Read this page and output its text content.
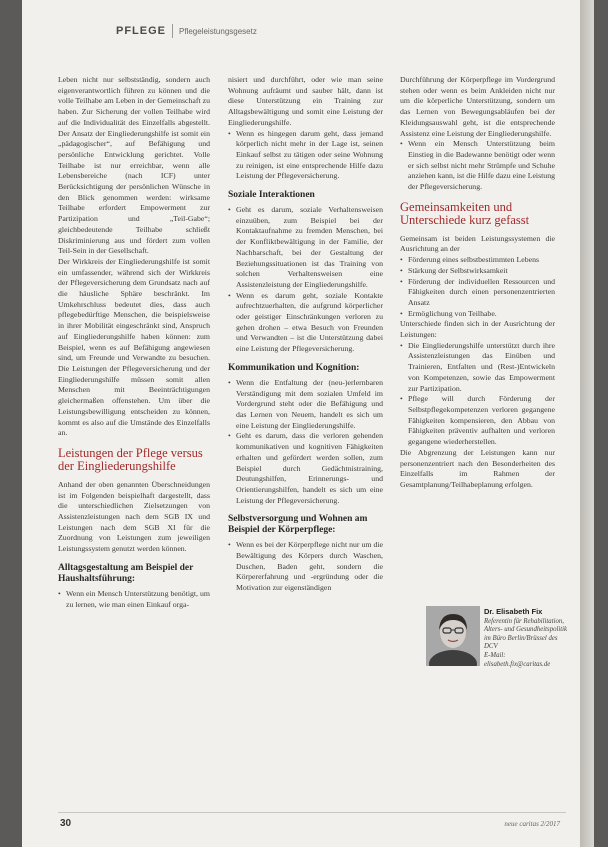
PFLEGE Pflegeleistungsgesetz

Leben nicht nur selbstständig, sondern auch eigenverantwortlich führen zu können und die volle Teilhabe am Leben in der Gemeinschaft zu haben. Zur Sicherung der vollen Teilhabe wird auf die Individualität des Einzelfalls abgestellt. Der Ansatz der Eingliederungshilfe ist somit ein „pädagogischer“, auf Befähigung und persönliche Entwicklung gerichtet. Volle Teilhabe ist nur erreichbar, wenn alle Lebensbereiche (nach ICF) unter Berücksichtigung der persönlichen Wünsche in den Blick genommen werden: wirksame Teilhabe erfordert Empowerment zur Partizipation und „Teil-Gabe“; gleichbedeutende Teilhabe schließt Diskriminierung aus und fördert zum vollen Teil-Sein in der Gesellschaft.

Der Wirkkreis der Eingliederungshilfe ist somit ein umfassender, während sich der Wirkkreis der Pflegeversicherung dem Grundsatz nach auf die häusliche Sphäre beschränkt. Im Umkehrschluss bedeutet dies, dass auch pflegebedürftige Menschen, die beispielsweise in ihrer Mobilität eingeschränkt sind, Anspruch auf Eingliederungshilfe haben können: zum Beispiel, wenn es auf Befähigung angewiesen sind, um Freunde und Verwandte zu besuchen. Die Leistungen der Pflegeversicherung und der Eingliederungshilfe müssen somit allen Menschen mit Beeinträchtigungen gleichermaßen offenstehen. Um über die Leistungsbewilligung entscheiden zu können, kommt es also auf die Umstände des Einzelfalls an.

Leistungen der Pflege versus der Eingliederungshilfe

Anhand der oben genannten Überschneidungen ist im Folgenden beispielhaft dargestellt, dass die unterschiedlichen Zielsetzungen von Assistenzleistungen nach dem SGB IX und Leistungen nach dem SGB XI für die Zuordnung von Leistungen zum jeweiligen Leistungssystem genutzt werden können.

Alltagsgestaltung am Beispiel der Haushaltsführung:
• Wenn ein Mensch Unterstützung benötigt, um zu lernen, wie man einen Einkauf orga-

nisiert und durchführt, oder wie man seine Wohnung aufräumt und sauber hält, dann ist diese Unterstützung ein Training zur Alltagsbewältigung und somit eine Leistung der Eingliederungshilfe.

• Wenn es hingegen darum geht, dass jemand körperlich nicht mehr in der Lage ist, seinen Einkauf selbst zu tätigen oder seine Wohnung zu reinigen, ist eine entsprechende Hilfe dazu Leistung der Pflegeversicherung.
Soziale Interaktionen
• Geht es darum, soziale Verhaltensweisen einzuüben, zum Beispiel bei der Kontaktaufnahme zu fremden Menschen, bei der Konfliktbewältigung in der Familie, der Nachbarschaft, bei der Gestaltung der Beziehungssituationen ist das Training von solchen Verhaltensweisen eine Assistenzleistung der Eingliederungshilfe.
• Wenn es darum geht, soziale Kontakte aufrechtzuerhalten, die aufgrund körperlicher oder geistiger Einschränkungen verloren zu gehen drohen – etwa Besuch von Freunden und Verwandten – ist die Unterstützung dabei eine Leistung der Pflegeversicherung.
Kommunikation und Kognition:
• Wenn die Entfaltung der (neu-)erlernbaren Verständigung mit dem sozialen Umfeld im Vordergrund steht oder die Befähigung und das Lernen von Neuem, handelt es sich um eine Leistung der Eingliederungshilfe.
• Geht es darum, dass die verloren gehenden kommunikativen und kognitiven Fähigkeiten erhalten und gefördert werden sollen, zum Beispiel durch Gedächtnistraining, Deutungshilfen, Erinnerungs- und Orientierungshilfen, handelt es sich um eine Leistung der Pflegeversicherung.
Selbstversorgung und Wohnen am Beispiel der Körperpflege:
• Wenn es bei der Körperpflege nicht nur um die Bewältigung des Körpers durch Waschen, Duschen, Baden geht, sondern die Körpererfahrung und -ergründung oder die Motivation zur eigenständigen

Durchführung der Körperpflege im Vordergrund stehen oder wenn es beim Ankleiden nicht nur um die körperliche Unterstützung, sondern um das Lernen von Bewegungsabläufen bei der Kleidungsauswahl geht, ist die entsprechende Assistenz eine Leistung der Eingliederungshilfe.

• Wenn ein Mensch Unterstützung beim Einstieg in die Badewanne benötigt oder wenn er sich selbst nicht mehr Strümpfe und Schuhe anziehen kann, ist die Hilfe dazu eine Leistung der Pflegeversicherung.
Gemeinsamkeiten und Unterschiede kurz gefasst

Gemeinsam ist beiden Leistungssystemen die Ausrichtung an der

• Förderung eines selbstbestimmten Lebens
• Stärkung der Selbstwirksamkeit
• Förderung der individuellen Ressourcen und Fähigkeiten durch einen personenzentrierten Ansatz
• Ermöglichung von Teilhabe.

Unterschiede finden sich in der Ausrichtung der Leistungen:

• Die Eingliederungshilfe unterstützt durch ihre Assistenzleistungen das Einüben und Trainieren, Entfalten und (Rest-)Entwickeln von Kompetenzen, sowie das Empowerment zur Partizipation.
• Pflege will durch Förderung der Selbstpflegekompetenzen verloren gegangene Fähigkeiten kompensieren, den Abbau von Fähigkeiten präventiv aufhalten und verloren gegangene wiederherstellen.

Die Abgrenzung der Leistungen kann nur personenzentriert nach den Besonderheiten des Einzelfalls im Rahmen der Gesamtplanung/Teilhabeplanung erfolgen.

Dr. Elisabeth Fix
Referentin für Rehabilitation, Alters- und Gesundheitspolitik im Büro Berlin/Brüssel des DCV
E-Mail: elisabeth.fix@caritas.de
30	neue caritas 2/2017
